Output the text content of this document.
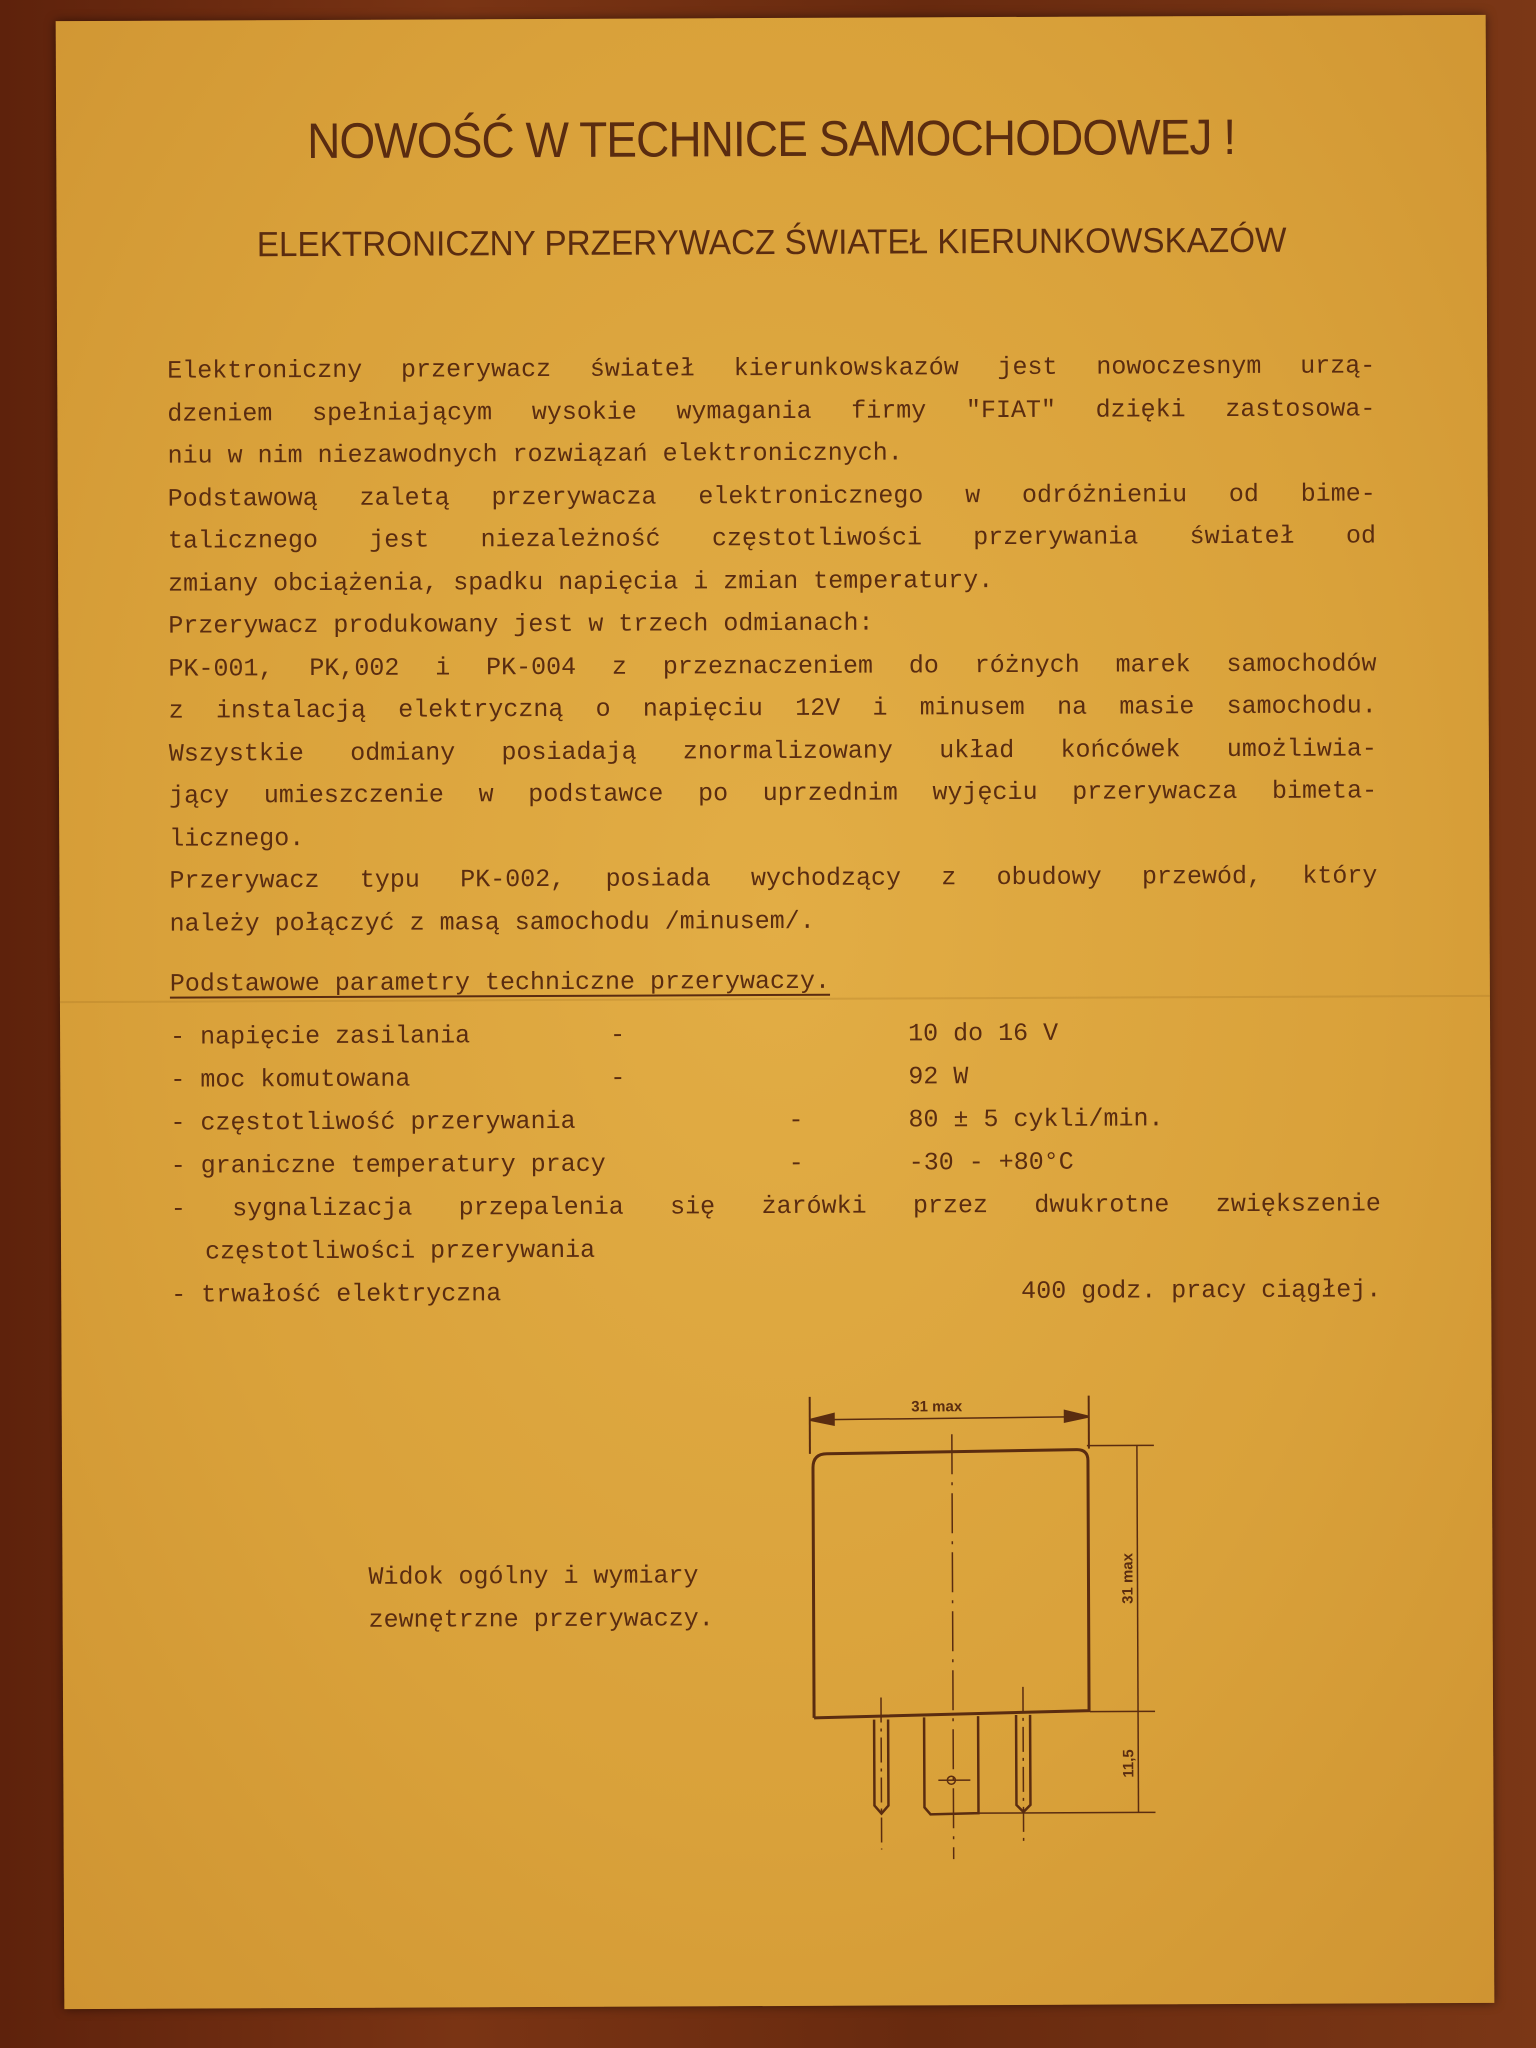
NOWOŚĆ W TECHNICE SAMOCHODOWEJ !
ELEKTRONICZNY PRZERYWACZ ŚWIATEŁ KIERUNKOWSKAZÓW
Elektroniczny przerywacz świateł kierunkowskazów jest nowoczesnym urzą-
dzeniem spełniającym wysokie wymagania firmy "FIAT" dzięki zastosowa-
niu w nim niezawodnych rozwiązań elektronicznych.
Podstawową zaletą przerywacza elektronicznego w odróżnieniu od bime-
talicznego jest niezależność częstotliwości przerywania świateł od
zmiany obciążenia, spadku napięcia i zmian temperatury.
Przerywacz produkowany jest w trzech odmianach:
PK-001, PK,002 i PK-004 z przeznaczeniem do różnych marek samochodów
z instalacją elektryczną o napięciu 12V i minusem na masie samochodu.
Wszystkie odmiany posiadają znormalizowany układ końcówek umożliwia-
jący umieszczenie w podstawce po uprzednim wyjęciu przerywacza bimeta-
licznego.
Przerywacz typu PK-002, posiada wychodzący z obudowy przewód, który
należy połączyć z masą samochodu /minusem/.
Podstawowe parametry techniczne przerywaczy.
- napięcie zasilania	-	10 do 16 V
- moc komutowana	-	92 W
- częstotliwość przerywania	-	80 ± 5 cykli/min.
- graniczne temperatury pracy	-	-30 - +80°C
- sygnalizacja przepalenia się żarówki przez dwukrotne zwiększenie
częstotliwości przerywania
- trwałość elektryczna	400 godz. pracy ciągłej.
Widok ogólny i wymiary
zewnętrzne przerywaczy.
31 max
31 max
11,5
